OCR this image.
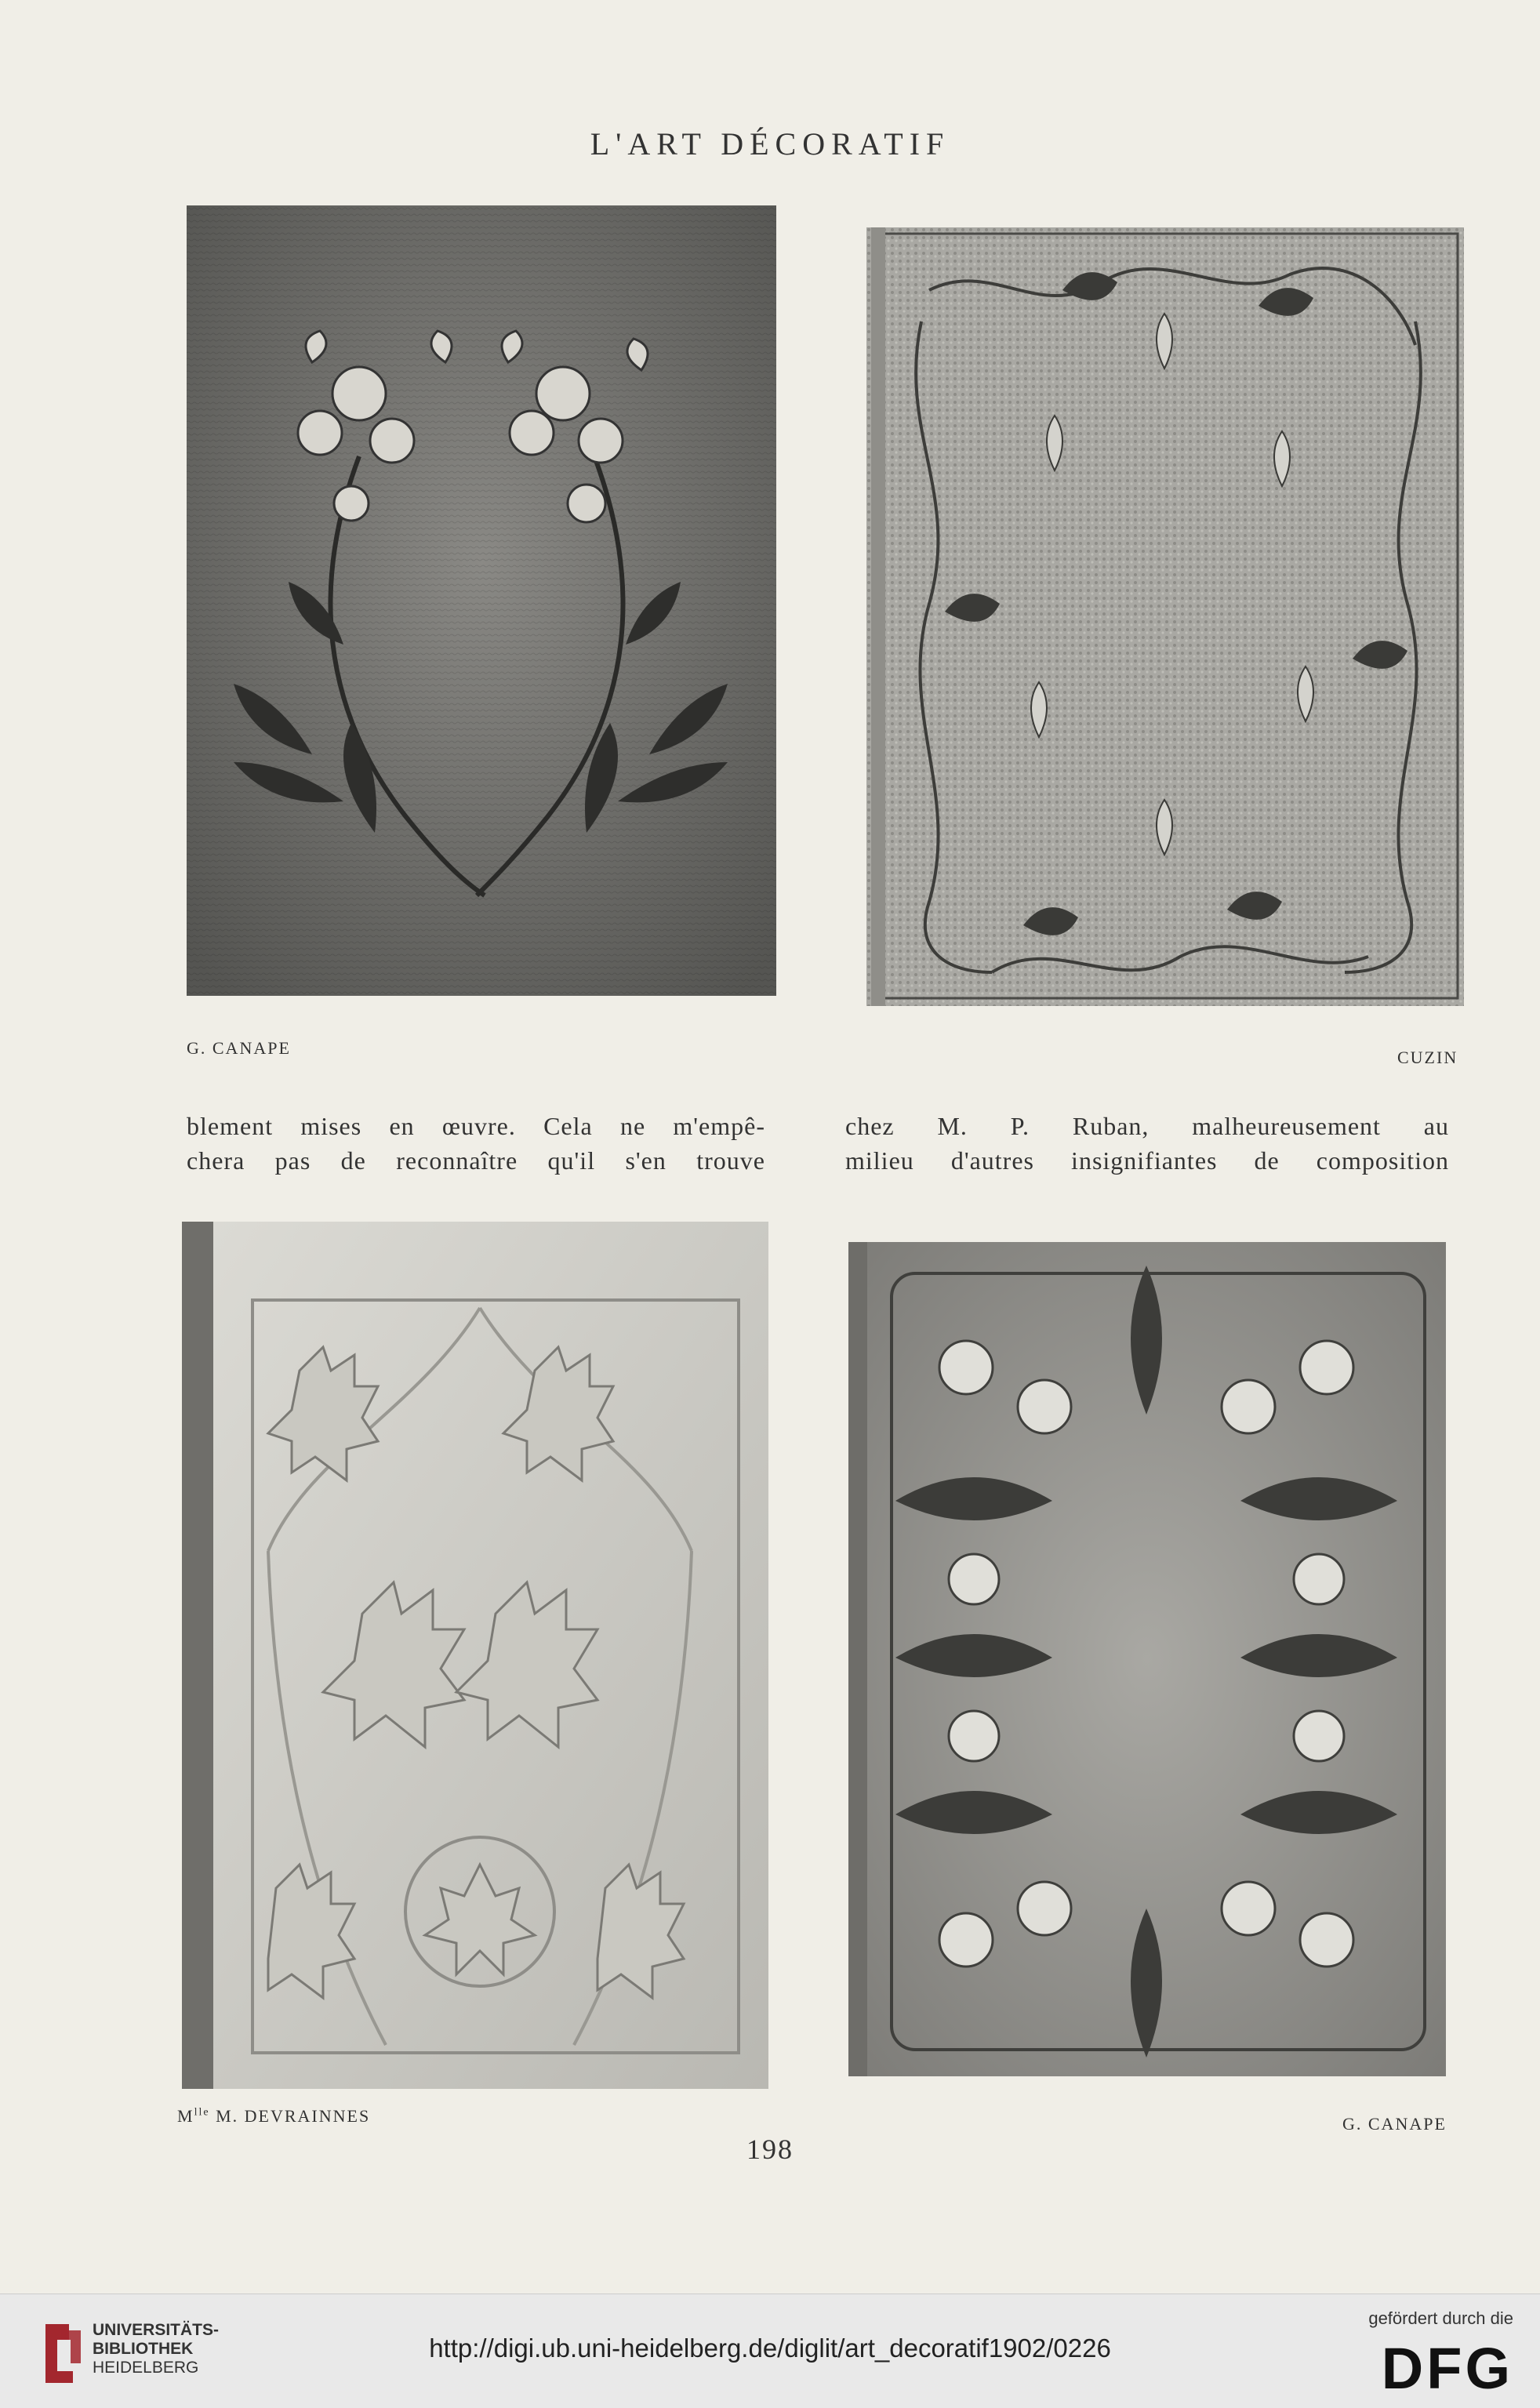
L'ART DÉCORATIF
G. CANAPE	CUZIN

blement mises en œuvre. Cela ne m'empê-

chera pas de reconnaître qu'il s'en trouve

chez M. P. Ruban, malheureusement au

milieu d'autres insignifiantes de composition

$M^{lle}$ M. DEVRAINNES	G. CANAPE
198
UNIVERSITÄTS-
BIBLIOTHEK
HEIDELBERG
http://digi.ub.uni-heidelberg.de/diglit/art_decoratif1902/0226
gefördert durch die
DFG
